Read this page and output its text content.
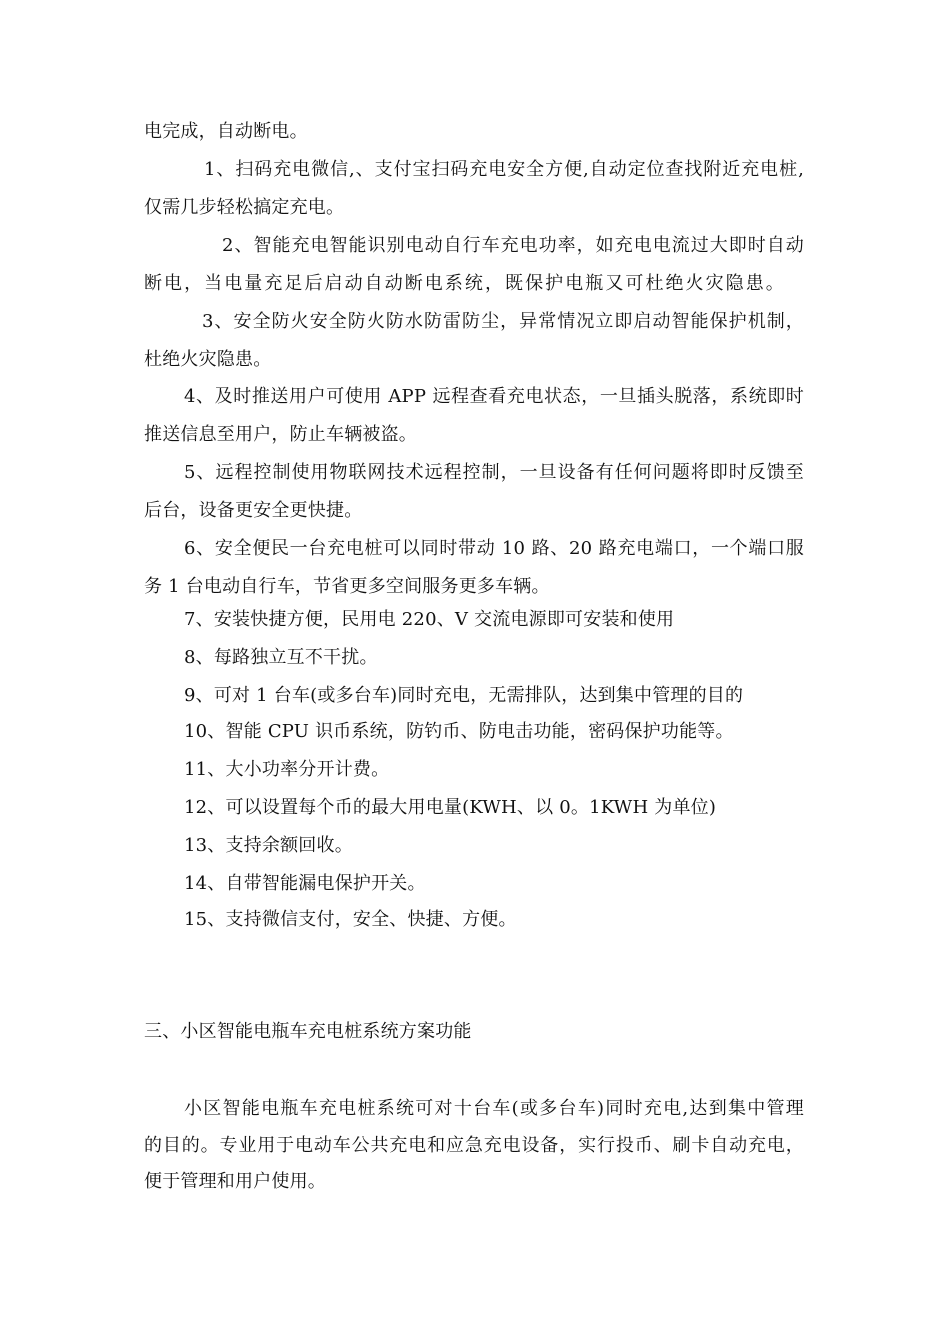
电完成，自动断电。
1、扫码充电微信,、支付宝扫码充电安全方便,自动定位查找附近充电桩,
仅需几步轻松搞定充电。
2、智能充电智能识别电动自行车充电功率，如充电电流过大即时自动
断电，当电量充足后启动自动断电系统，既保护电瓶又可杜绝火灾隐患。
3、安全防火安全防火防水防雷防尘，异常情况立即启动智能保护机制，
杜绝火灾隐患。
4、及时推送用户可使用 APP 远程查看充电状态，一旦插头脱落，系统即时
推送信息至用户，防止车辆被盗。
5、远程控制使用物联网技术远程控制，一旦设备有任何问题将即时反馈至
后台，设备更安全更快捷。
6、安全便民一台充电桩可以同时带动 10 路、20 路充电端口，一个端口服
务 1 台电动自行车，节省更多空间服务更多车辆。
7、安装快捷方便，民用电 220、V 交流电源即可安装和使用
8、每路独立互不干扰。
9、可对 1 台车(或多台车)同时充电，无需排队，达到集中管理的目的
10、智能 CPU 识币系统，防钓币、防电击功能，密码保护功能等。
11、大小功率分开计费。
12、可以设置每个币的最大用电量(KWH、以 0。1KWH 为单位)
13、支持余额回收。
14、自带智能漏电保护开关。
15、支持微信支付，安全、快捷、方便。
三、小区智能电瓶车充电桩系统方案功能
小区智能电瓶车充电桩系统可对十台车(或多台车)同时充电,达到集中管理
的目的。专业用于电动车公共充电和应急充电设备，实行投币、刷卡自动充电，
便于管理和用户使用。
